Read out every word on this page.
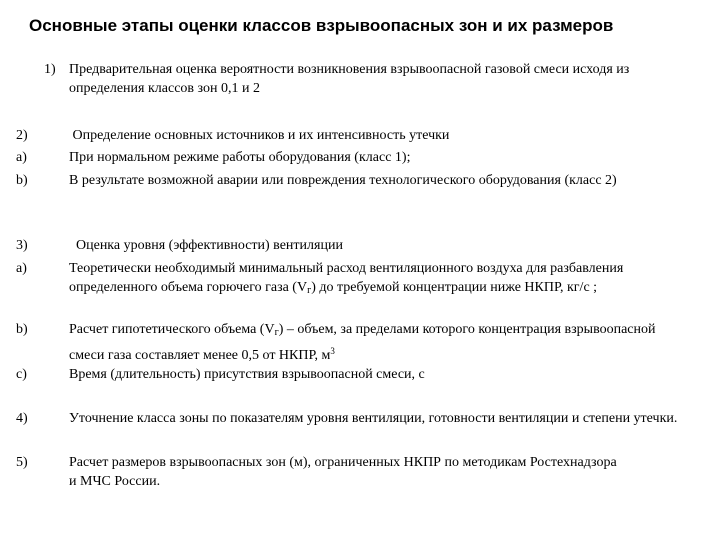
Основные этапы оценки классов взрывоопасных зон и их размеров
1) Предварительная оценка вероятности возникновения взрывоопасной газовой смеси исходя из определения классов зон 0,1 и 2
2)	Определение основных источников и их интенсивность утечки
a)	При нормальном режиме работы оборудования (класс 1);
b)	В результате возможной аварии или повреждения технологического оборудования (класс 2)
3)	Оценка уровня (эффективности) вентиляции
a)	Теоретически необходимый минимальный расход вентиляционного воздуха для разбавления определенного объема горючего газа $(V_г)$ до требуемой концентрации ниже НКПР, кг/с ;
b)	Расчет гипотетического объема $(V_г)$ – объем, за пределами которого концентрация взрывоопасной смеси газа составляет менее 0,5 от НКПР, $м^3$
c)	Время (длительность) присутствия взрывоопасной смеси, с
4)	Уточнение класса зоны по показателям уровня вентиляции, готовности вентиляции и степени утечки.
5)	Расчет размеров взрывоопасных зон (м), ограниченных НКПР по методикам Ростехнадзора и МЧС России.
